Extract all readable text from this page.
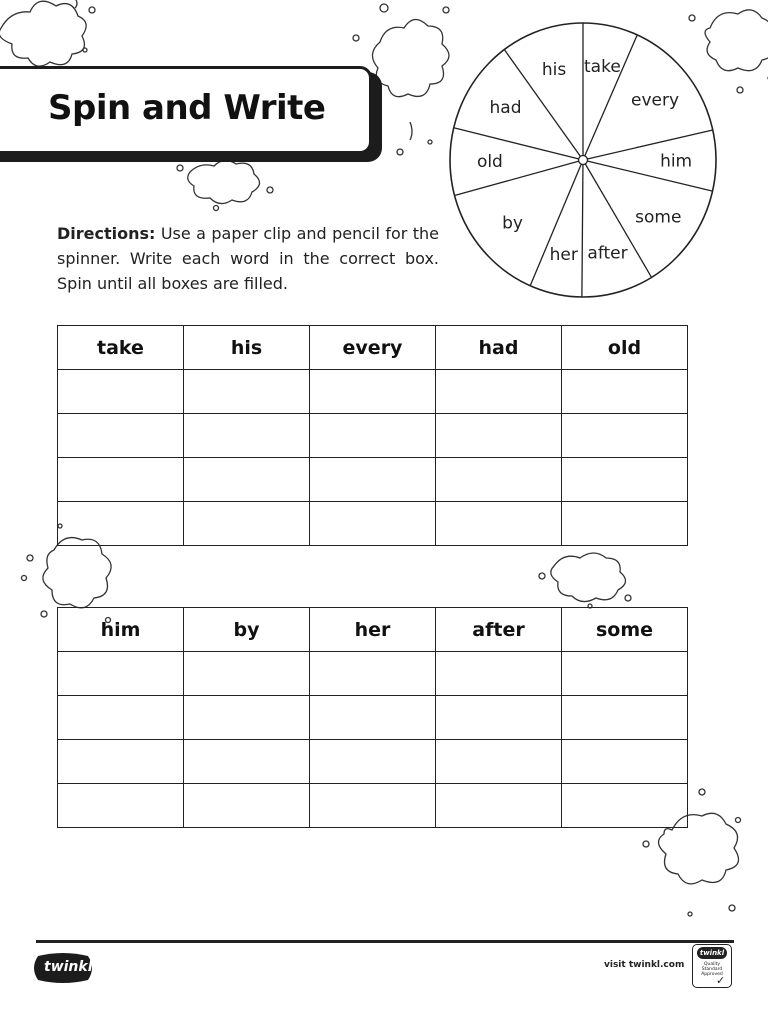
Spin and Write
Directions: Use a paper clip and pencil for the spinner. Write each word in the correct box. Spin until all boxes are filled.
take
every
him
some
after
her
by
old
had
his
take	his	every	had	old

him	by	her	after	some

twinkl	visit twinkl.com
twinkl
Quality Standard Approved
✓
